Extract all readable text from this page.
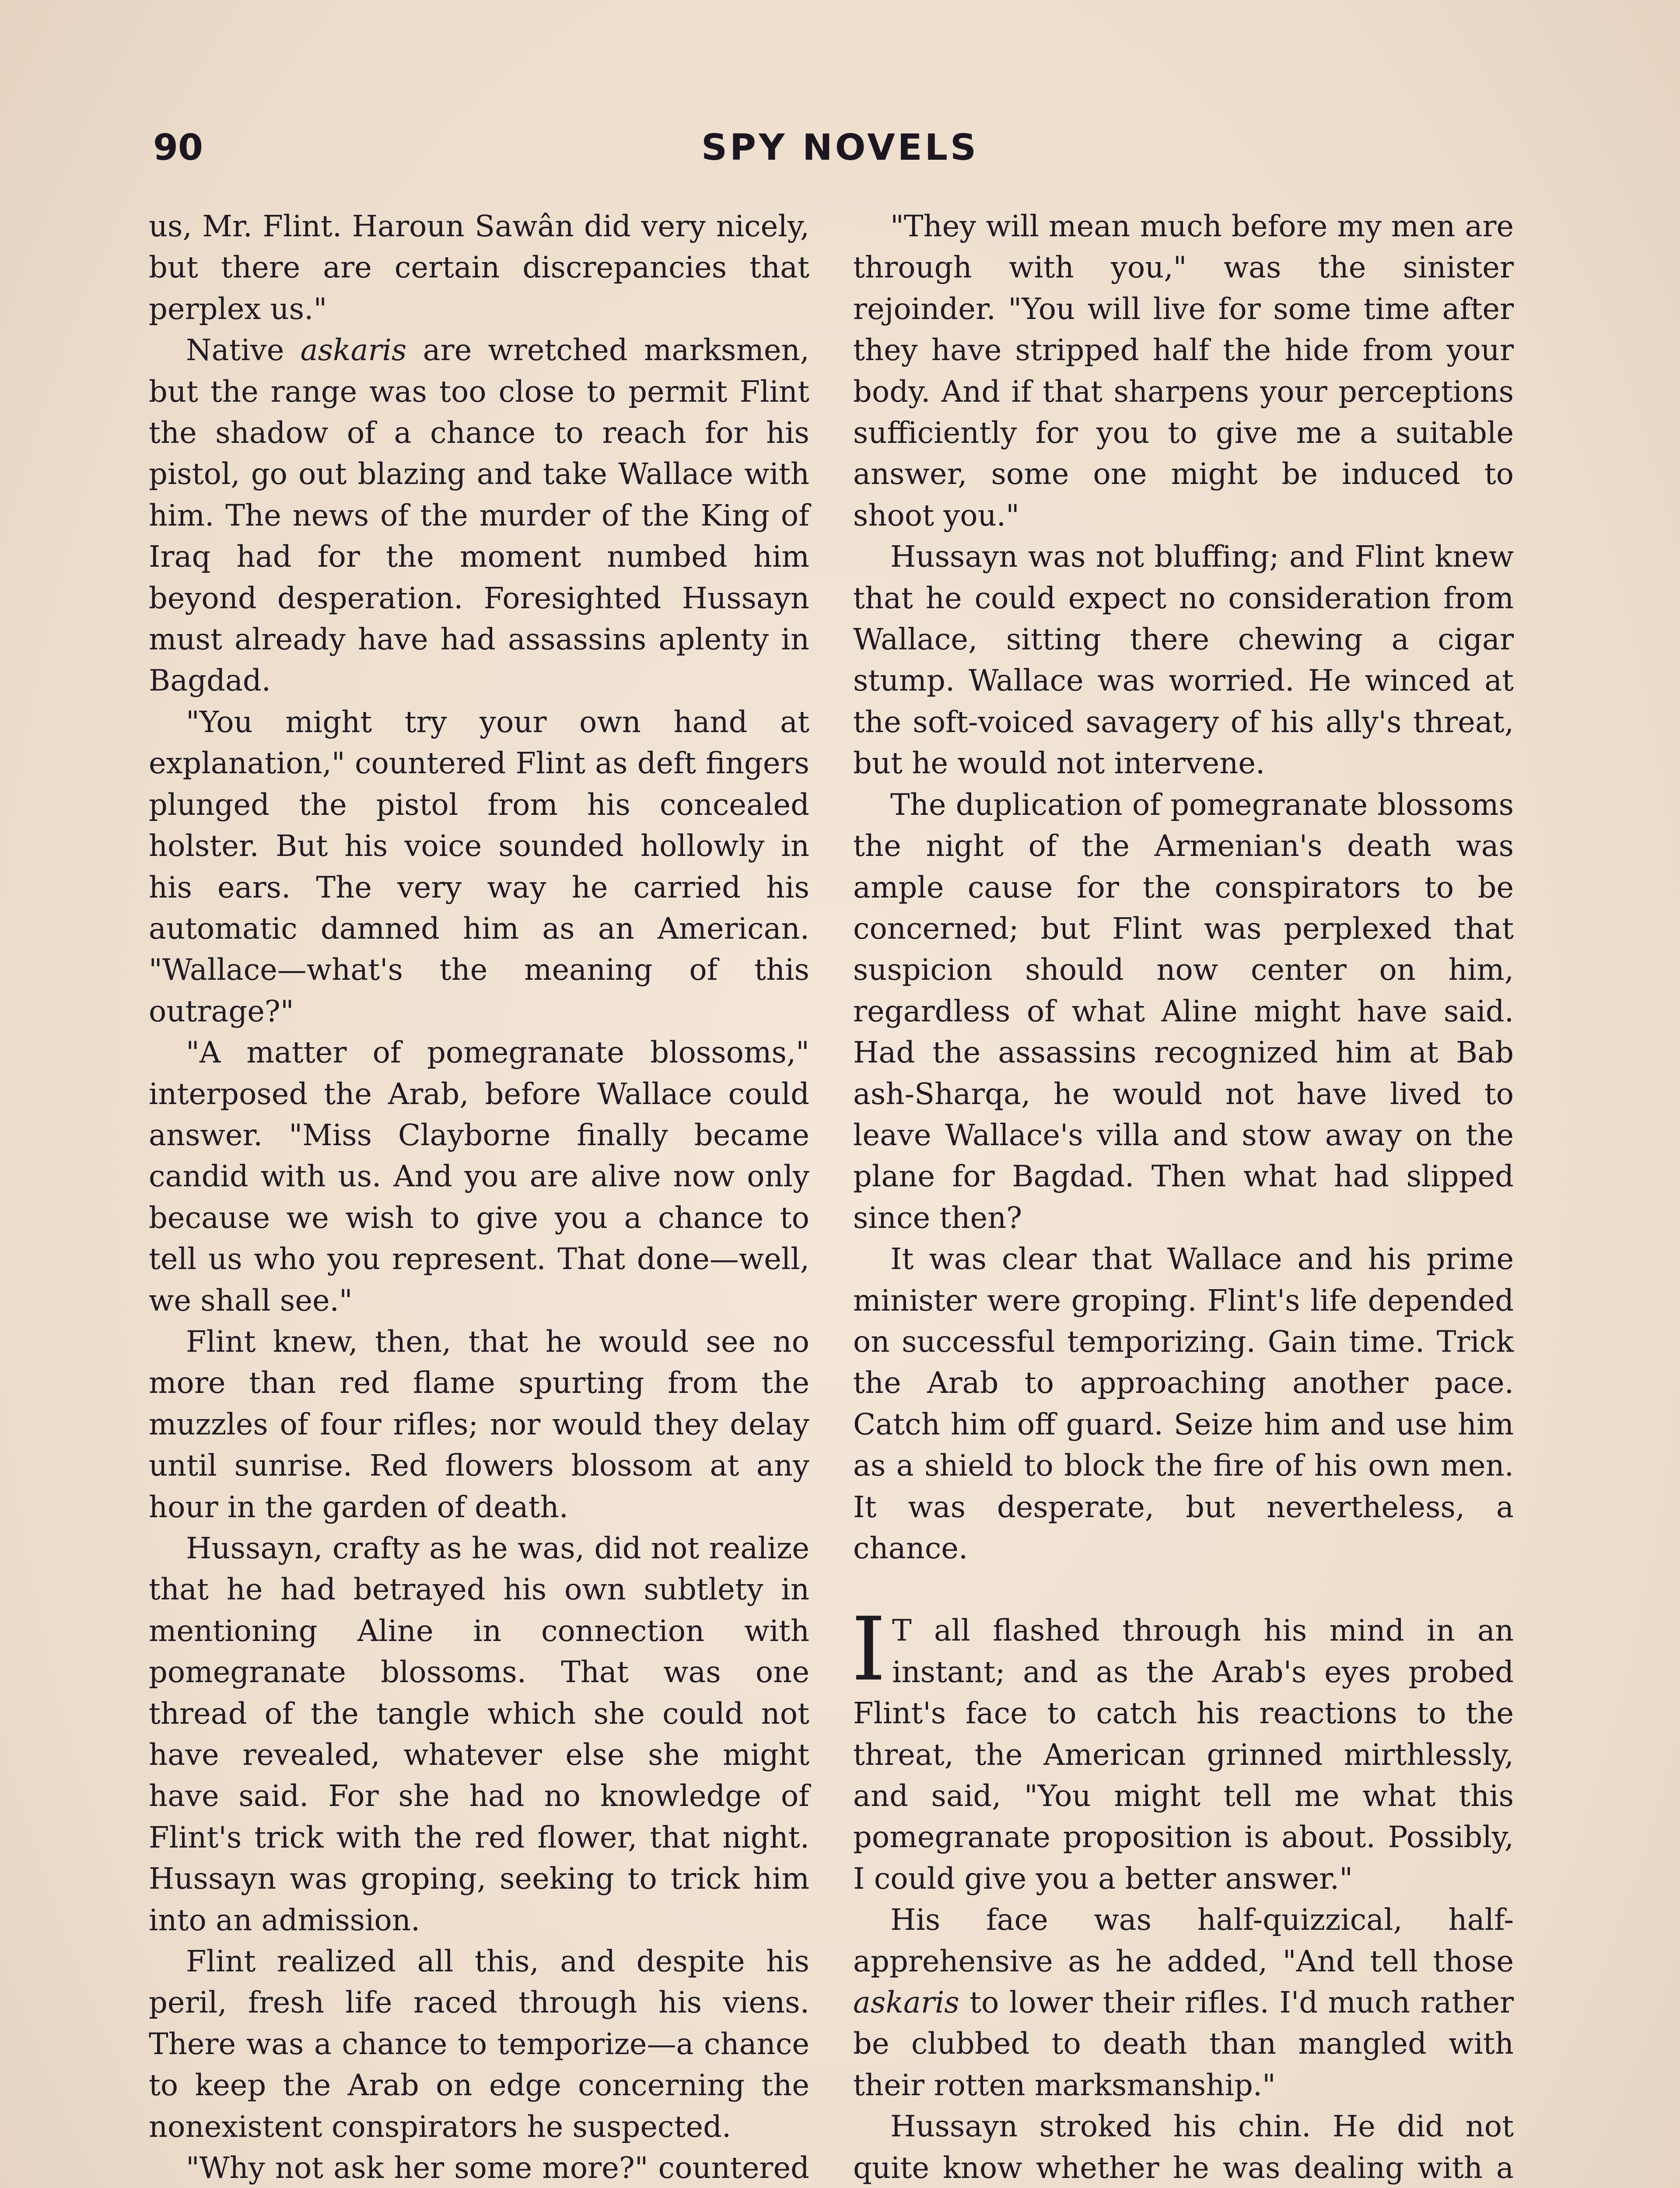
90	SPY NOVELS

us, Mr. Flint. Haroun Sawân did very nicely, but there are certain discrepancies that perplex us."

Native askaris are wretched marksmen, but the range was too close to permit Flint the shadow of a chance to reach for his pistol, go out blazing and take Wallace with him. The news of the murder of the King of Iraq had for the moment numbed him beyond desperation. Foresighted Hussayn must already have had assassins aplenty in Bagdad.

"You might try your own hand at explanation," countered Flint as deft fingers plunged the pistol from his concealed holster. But his voice sounded hollowly in his ears. The very way he carried his automatic damned him as an American. "Wallace—what's the meaning of this outrage?"

"A matter of pomegranate blossoms," interposed the Arab, before Wallace could answer. "Miss Clayborne finally became candid with us. And you are alive now only because we wish to give you a chance to tell us who you represent. That done—well, we shall see."

Flint knew, then, that he would see no more than red flame spurting from the muzzles of four rifles; nor would they delay until sunrise. Red flowers blossom at any hour in the garden of death.

Hussayn, crafty as he was, did not realize that he had betrayed his own subtlety in mentioning Aline in connection with pomegranate blossoms. That was one thread of the tangle which she could not have revealed, whatever else she might have said. For she had no knowledge of Flint's trick with the red flower, that night. Hussayn was groping, seeking to trick him into an admission.

Flint realized all this, and despite his peril, fresh life raced through his viens. There was a chance to temporize—a chance to keep the Arab on edge concerning the nonexistent conspirators he suspected.

"Why not ask her some more?" countered

"They will mean much before my men are through with you," was the sinister rejoinder. "You will live for some time after they have stripped half the hide from your body. And if that sharpens your perceptions sufficiently for you to give me a suitable answer, some one might be induced to shoot you."

Hussayn was not bluffing; and Flint knew that he could expect no consideration from Wallace, sitting there chewing a cigar stump. Wallace was worried. He winced at the soft-voiced savagery of his ally's threat, but he would not intervene.

The duplication of pomegranate blossoms the night of the Armenian's death was ample cause for the conspirators to be concerned; but Flint was perplexed that suspicion should now center on him, regardless of what Aline might have said. Had the assassins recognized him at Bab ash-Sharqa, he would not have lived to leave Wallace's villa and stow away on the plane for Bagdad. Then what had slipped since then?

It was clear that Wallace and his prime minister were groping. Flint's life depended on successful temporizing. Gain time. Trick the Arab to approaching another pace. Catch him off guard. Seize him and use him as a shield to block the fire of his own men. It was desperate, but nevertheless, a chance.

I T all flashed through his mind in an instant; and as the Arab's eyes probed Flint's face to catch his reactions to the threat, the American grinned mirthlessly, and said, "You might tell me what this pomegranate proposition is about. Possibly, I could give you a better answer."

His face was half-quizzical, half-apprehensive as he added, "And tell those askaris to lower their rifles. I'd much rather be clubbed to death than mangled with their rotten marksmanship."

Hussayn stroked his chin. He did not quite know whether he was dealing with a
